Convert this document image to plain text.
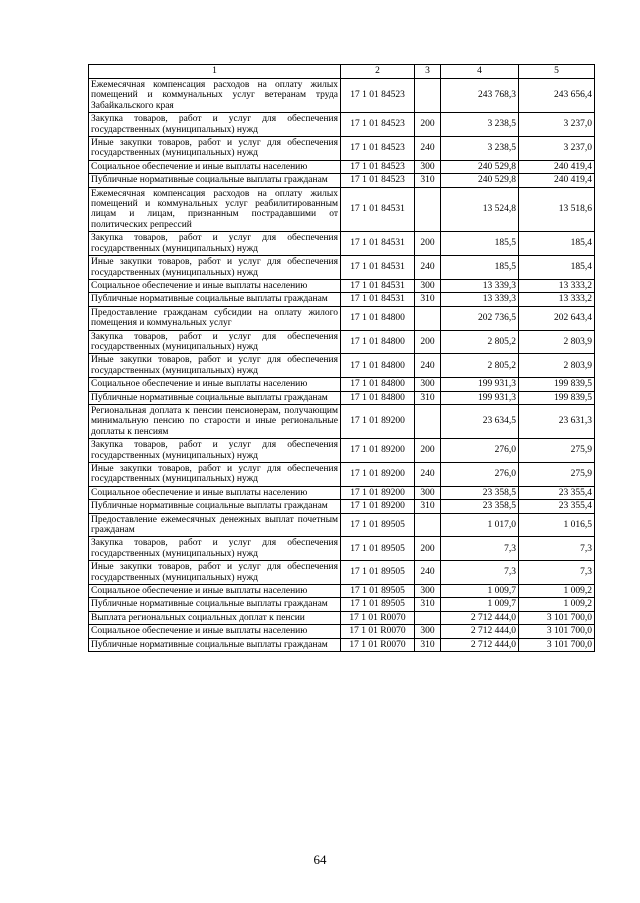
1	2	3	4	5
Ежемесячная компенсация расходов на оплату жилых помещений и коммунальных услуг ветеранам труда Забайкальского края	17 1 01 84523		243 768,3	243 656,4
Закупка товаров, работ и услуг для обеспечения государственных (муниципальных) нужд	17 1 01 84523	200	3 238,5	3 237,0
Иные закупки товаров, работ и услуг для обеспечения государственных (муниципальных) нужд	17 1 01 84523	240	3 238,5	3 237,0
Социальное обеспечение и иные выплаты населению	17 1 01 84523	300	240 529,8	240 419,4
Публичные нормативные социальные выплаты гражданам	17 1 01 84523	310	240 529,8	240 419,4
Ежемесячная компенсация расходов на оплату жилых помещений и коммунальных услуг реабилитированным лицам и лицам, признанным пострадавшими от политических репрессий	17 1 01 84531		13 524,8	13 518,6
Закупка товаров, работ и услуг для обеспечения государственных (муниципальных) нужд	17 1 01 84531	200	185,5	185,4
Иные закупки товаров, работ и услуг для обеспечения государственных (муниципальных) нужд	17 1 01 84531	240	185,5	185,4
Социальное обеспечение и иные выплаты населению	17 1 01 84531	300	13 339,3	13 333,2
Публичные нормативные социальные выплаты гражданам	17 1 01 84531	310	13 339,3	13 333,2
Предоставление гражданам субсидии на оплату жилого помещения и коммунальных услуг	17 1 01 84800		202 736,5	202 643,4
Закупка товаров, работ и услуг для обеспечения государственных (муниципальных) нужд	17 1 01 84800	200	2 805,2	2 803,9
Иные закупки товаров, работ и услуг для обеспечения государственных (муниципальных) нужд	17 1 01 84800	240	2 805,2	2 803,9
Социальное обеспечение и иные выплаты населению	17 1 01 84800	300	199 931,3	199 839,5
Публичные нормативные социальные выплаты гражданам	17 1 01 84800	310	199 931,3	199 839,5
Региональная доплата к пенсии пенсионерам, получающим минимальную пенсию по старости и иные региональные доплаты к пенсиям	17 1 01 89200		23 634,5	23 631,3
Закупка товаров, работ и услуг для обеспечения государственных (муниципальных) нужд	17 1 01 89200	200	276,0	275,9
Иные закупки товаров, работ и услуг для обеспечения государственных (муниципальных) нужд	17 1 01 89200	240	276,0	275,9
Социальное обеспечение и иные выплаты населению	17 1 01 89200	300	23 358,5	23 355,4
Публичные нормативные социальные выплаты гражданам	17 1 01 89200	310	23 358,5	23 355,4
Предоставление ежемесячных денежных выплат почетным гражданам	17 1 01 89505		1 017,0	1 016,5
Закупка товаров, работ и услуг для обеспечения государственных (муниципальных) нужд	17 1 01 89505	200	7,3	7,3
Иные закупки товаров, работ и услуг для обеспечения государственных (муниципальных) нужд	17 1 01 89505	240	7,3	7,3
Социальное обеспечение и иные выплаты населению	17 1 01 89505	300	1 009,7	1 009,2
Публичные нормативные социальные выплаты гражданам	17 1 01 89505	310	1 009,7	1 009,2
Выплата региональных социальных доплат к пенсии	17 1 01 R0070		2 712 444,0	3 101 700,0
Социальное обеспечение и иные выплаты населению	17 1 01 R0070	300	2 712 444,0	3 101 700,0
Публичные нормативные социальные выплаты гражданам	17 1 01 R0070	310	2 712 444,0	3 101 700,0
64
